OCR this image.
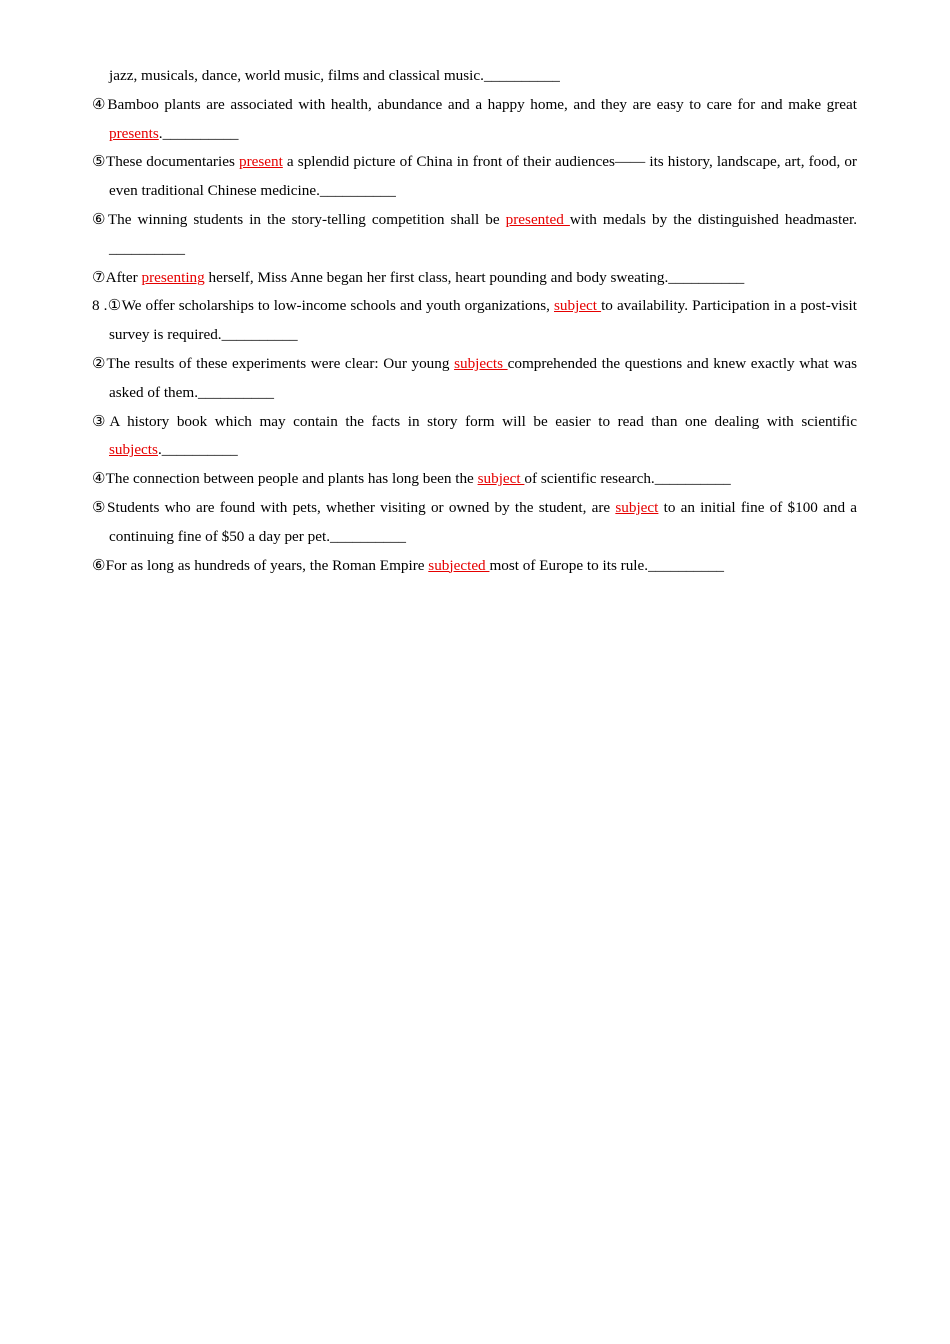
jazz, musicals, dance, world music, films and classical music.__________

④Bamboo plants are associated with health, abundance and a happy home, and they are easy to care for and make great presents.__________

⑤These documentaries present a splendid picture of China in front of their audiences—— its history, landscape, art, food, or even traditional Chinese medicine.__________

⑥The winning students in the story-telling competition shall be presented with medals by the distinguished headmaster. __________

⑦After presenting herself, Miss Anne began her first class, heart pounding and body sweating.__________

8 .①We offer scholarships to low-income schools and youth organizations, subject to availability. Participation in a post-visit survey is required.__________

②The results of these experiments were clear: Our young subjects comprehended the questions and knew exactly what was asked of them.__________

③A history book which may contain the facts in story form will be easier to read than one dealing with scientific subjects.__________

④The connection between people and plants has long been the subject of scientific research.__________

⑤Students who are found with pets, whether visiting or owned by the student, are subject to an initial fine of $100 and a continuing fine of $50 a day per pet.__________

⑥For as long as hundreds of years, the Roman Empire subjected most of Europe to its rule.__________
